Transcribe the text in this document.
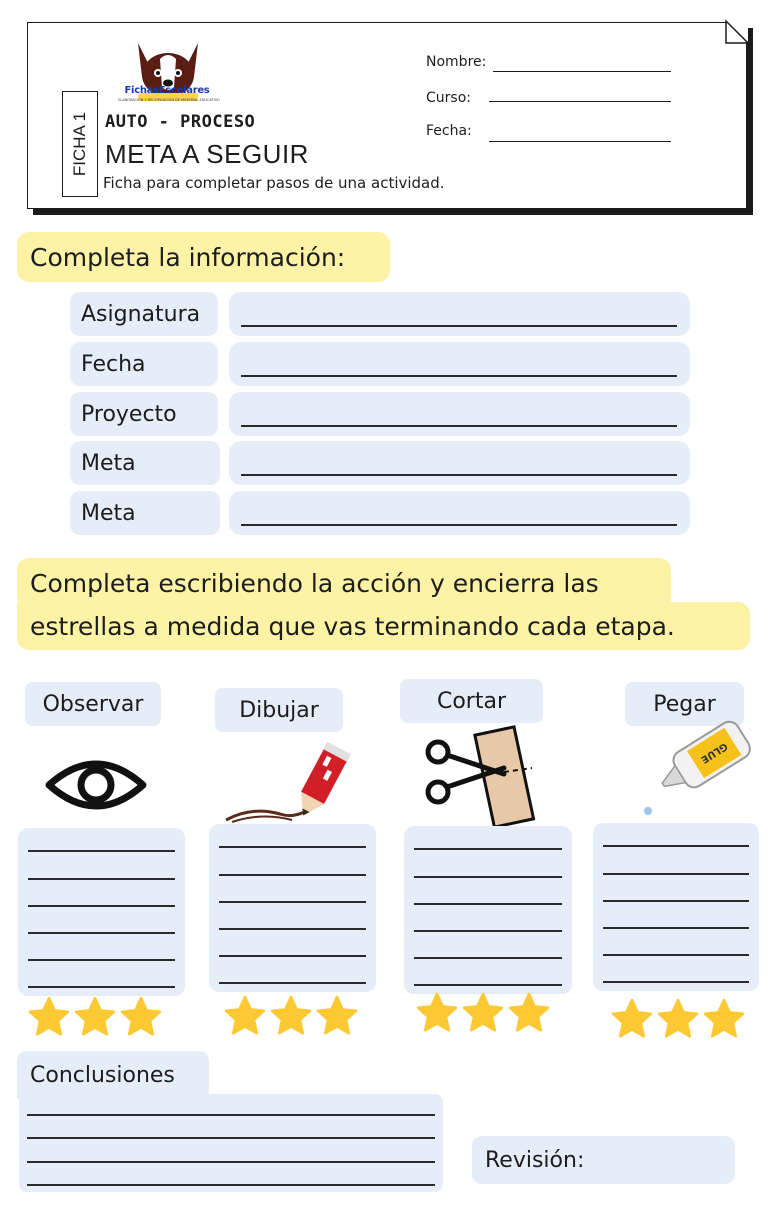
FICHA 1
FichasEscolares
ELABORACIÓN Y RECOPILACIÓN DE MATERIAL EDUCATIVO
AUTO - PROCESO
META A SEGUIR
Ficha para completar pasos de una actividad.
Nombre:
Curso:
Fecha:
Completa la información:
Asignatura
Fecha
Proyecto
Meta
Meta
Completa escribiendo la acción y encierra las
estrellas a medida que vas terminando cada etapa.
Observar	Dibujar	Cortar	Pegar
GLUE
Conclusiones
Revisión:
